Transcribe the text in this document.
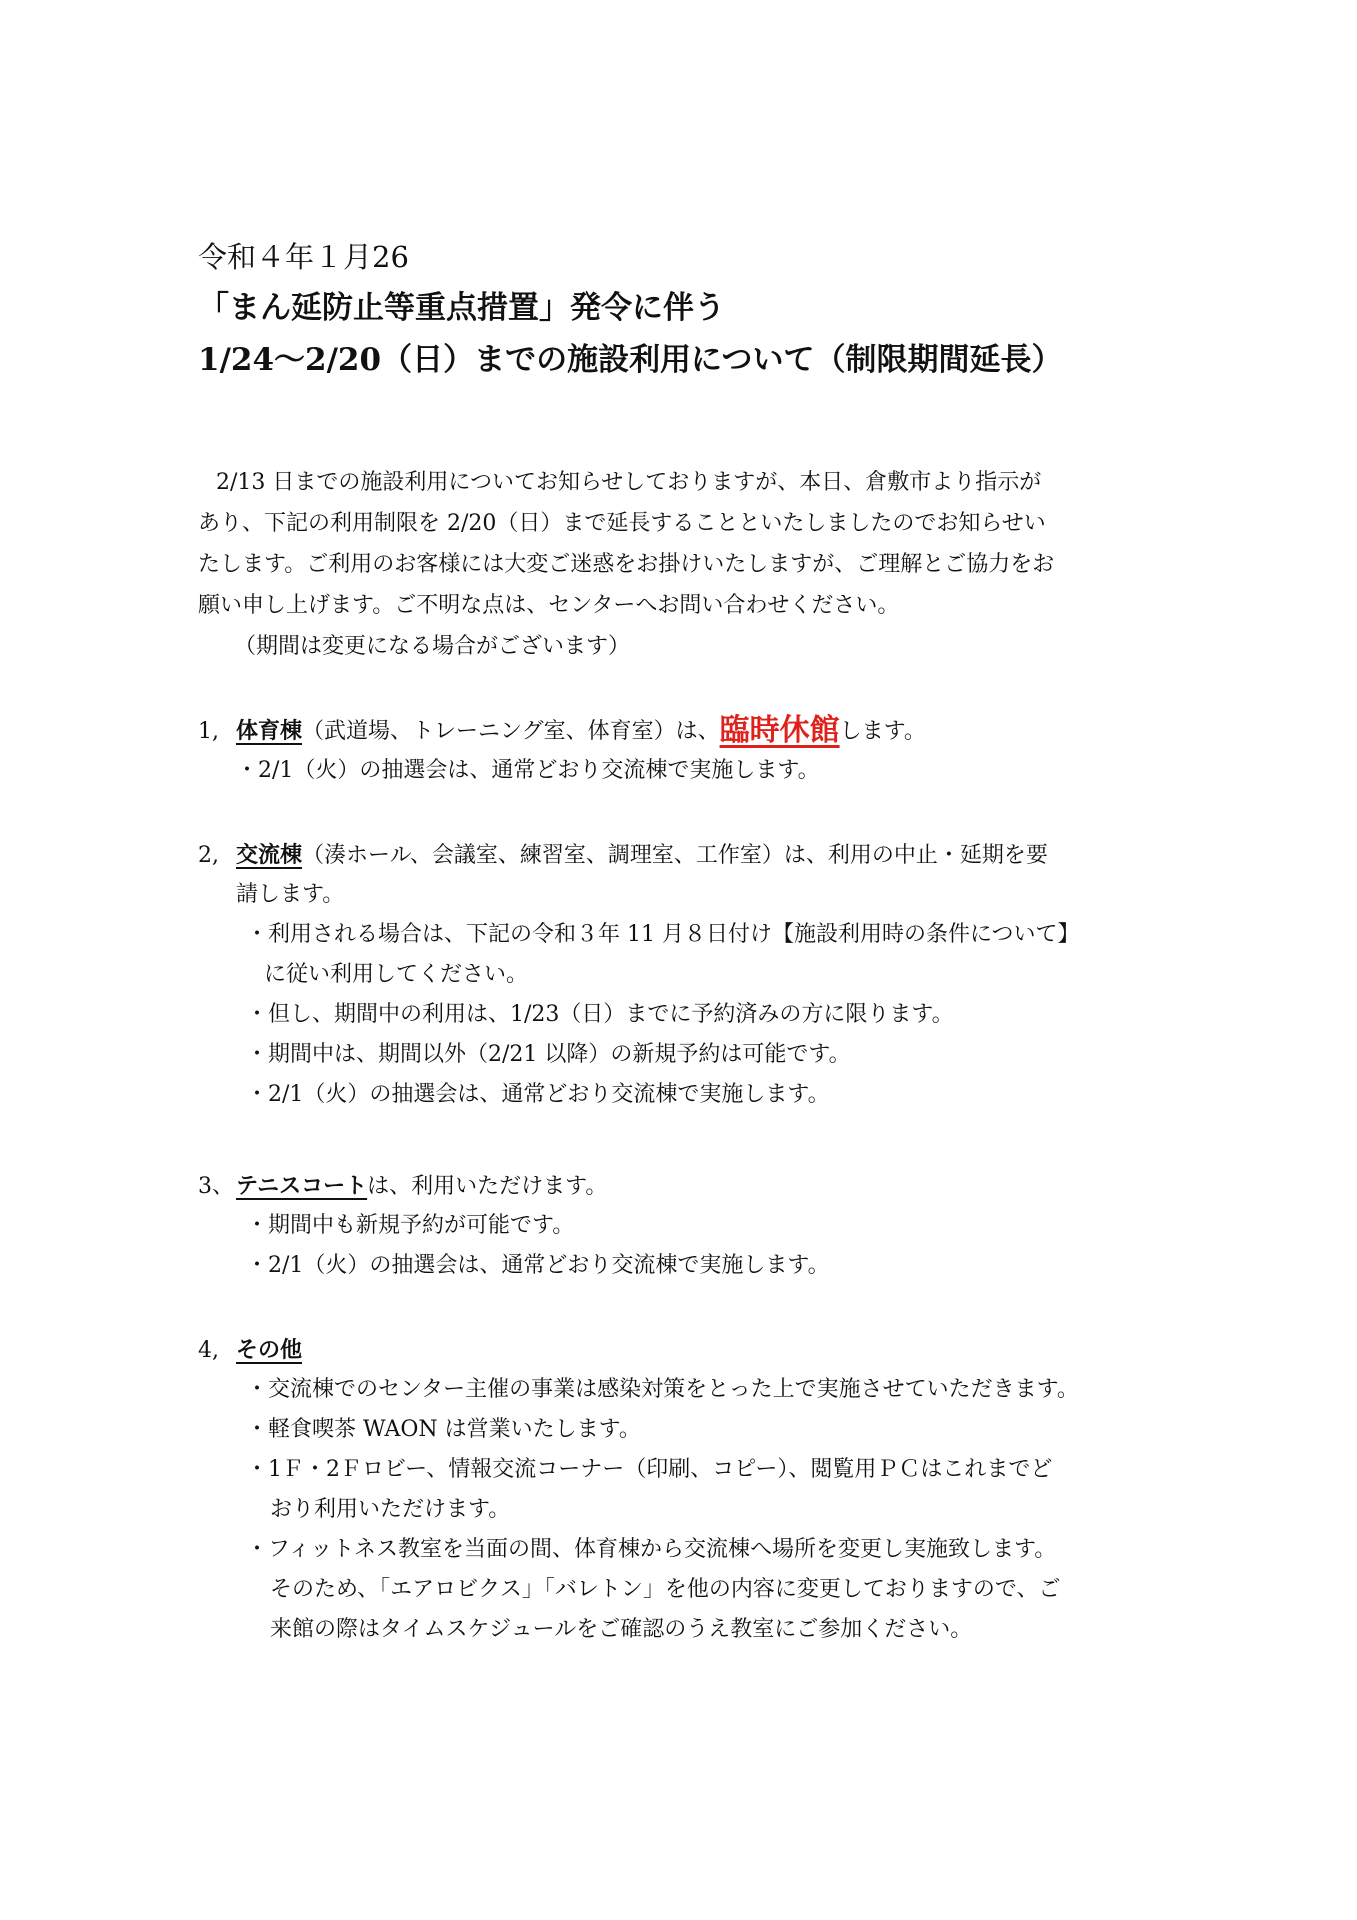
令和４年１月26
「まん延防止等重点措置」発令に伴う
1/24〜2/20（日）までの施設利用について（制限期間延長）
2/13 日までの施設利用についてお知らせしておりますが、本日、倉敷市より指示が
あり、下記の利用制限を 2/20（日）まで延長することといたしましたのでお知らせい
たします。ご利用のお客様には大変ご迷惑をお掛けいたしますが、ご理解とご協力をお
願い申し上げます。ご不明な点は、センターへお問い合わせください。
（期間は変更になる場合がございます）
1, 体育棟（武道場、トレーニング室、体育室）は、臨時休館します。
・2/1（火）の抽選会は、通常どおり交流棟で実施します。
2, 交流棟（湊ホール、会議室、練習室、調理室、工作室）は、利用の中止・延期を要
請します。
・利用される場合は、下記の令和３年 11 月８日付け【施設利用時の条件について】
に従い利用してください。
・但し、期間中の利用は、1/23（日）までに予約済みの方に限ります。
・期間中は、期間以外（2/21 以降）の新規予約は可能です。
・2/1（火）の抽選会は、通常どおり交流棟で実施します。
3、テニスコートは、利用いただけます。
・期間中も新規予約が可能です。
・2/1（火）の抽選会は、通常どおり交流棟で実施します。
4, その他
・交流棟でのセンター主催の事業は感染対策をとった上で実施させていただきます。
・軽食喫茶 WAON は営業いたします。
・1Ｆ・2Ｆロビー、情報交流コーナー（印刷、コピー）、閲覧用ＰＣはこれまでど
おり利用いただけます。
・フィットネス教室を当面の間、体育棟から交流棟へ場所を変更し実施致します。
そのため、「エアロビクス」「バレトン」を他の内容に変更しておりますので、ご
来館の際はタイムスケジュールをご確認のうえ教室にご参加ください。
